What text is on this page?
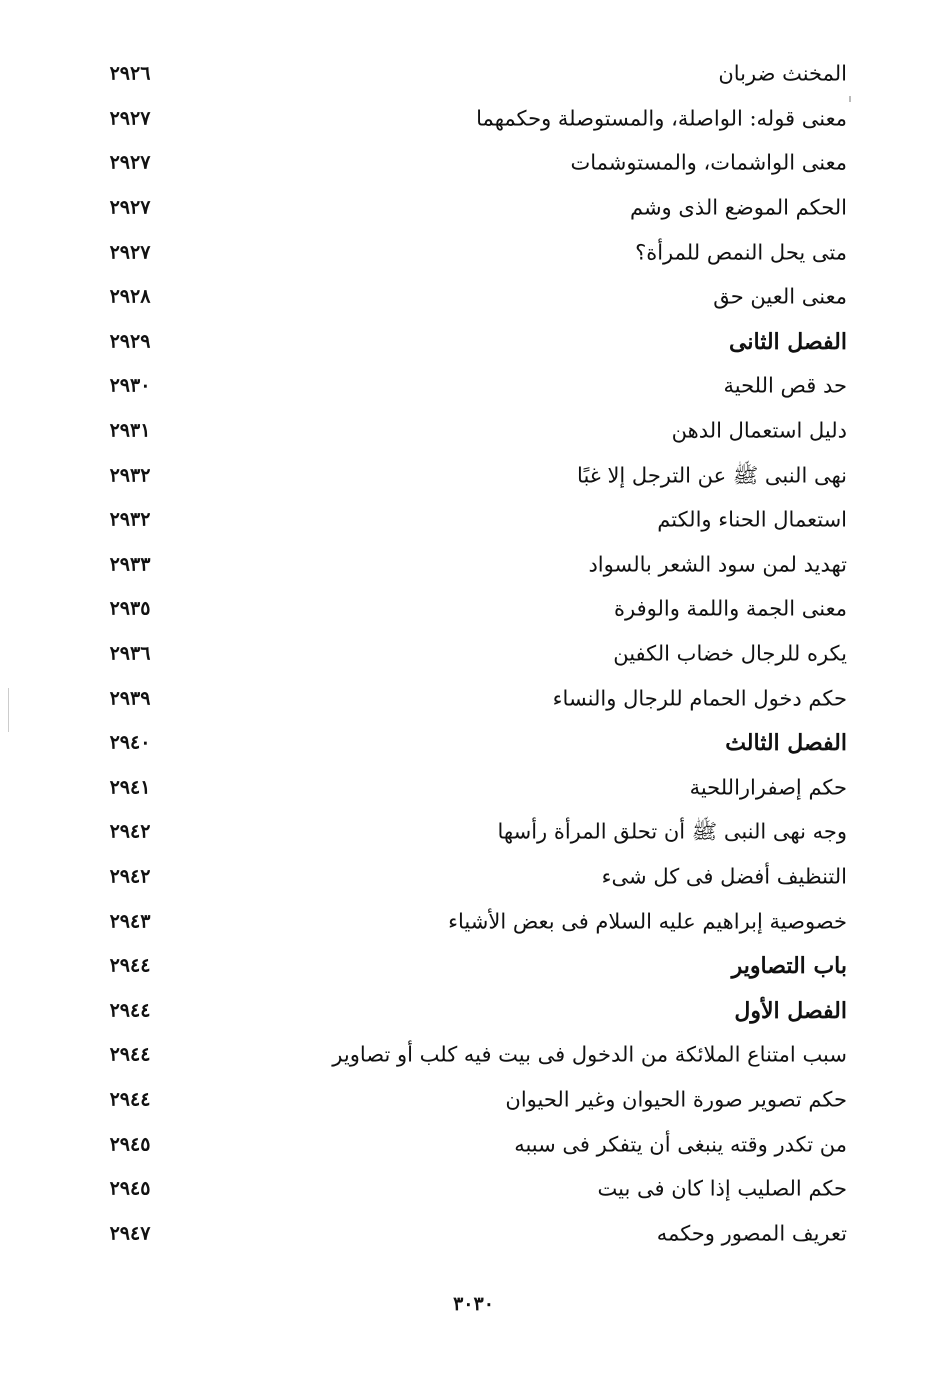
المخنث ضربان
٢٩٢٦
معنى قوله: الواصلة، والمستوصلة وحكمهما
٢٩٢٧
معنى الواشمات، والمستوشمات
٢٩٢٧
الحكم الموضع الذى وشم
٢٩٢٧
متى يحل النمص للمرأة؟
٢٩٢٧
معنى العين حق
٢٩٢٨
الفصل الثانى
٢٩٢٩
حد قص اللحية
٢٩٣٠
دليل استعمال الدهن
٢٩٣١
نهى النبى ﷺ عن الترجل إلا غبًا
٢٩٣٢
استعمال الحناء والكتم
٢٩٣٢
تهديد لمن سود الشعر بالسواد
٢٩٣٣
معنى الجمة واللمة والوفرة
٢٩٣٥
يكره للرجال خضاب الكفين
٢٩٣٦
حكم دخول الحمام للرجال والنساء
٢٩٣٩
الفصل الثالث
٢٩٤٠
حكم إصفراراللحية
٢٩٤١
وجه نهى النبى ﷺ أن تحلق المرأة رأسها
٢٩٤٢
التنظيف أفضل فى كل شىء
٢٩٤٢
خصوصية إبراهيم عليه السلام فى بعض الأشياء
٢٩٤٣
باب التصاوير
٢٩٤٤
الفصل الأول
٢٩٤٤
سبب امتناع الملائكة من الدخول فى بيت فيه كلب أو تصاوير
٢٩٤٤
حكم تصوير صورة الحيوان وغير الحيوان
٢٩٤٤
من تكدر وقته ينبغى أن يتفكر فى سببه
٢٩٤٥
حكم الصليب إذا كان فى بيت
٢٩٤٥
تعريف المصور وحكمه
٢٩٤٧
٣٠٣٠
